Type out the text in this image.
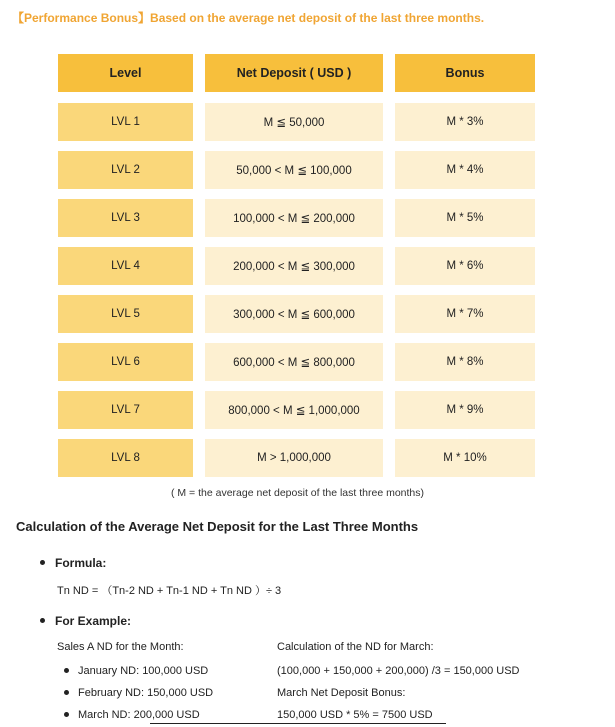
【Performance Bonus】Based on the average net deposit of the last three months.
Level	Net Deposit ( USD )	Bonus
LVL 1	M ≦ 50,000	M * 3%
LVL 2	50,000 < M ≦ 100,000	M * 4%
LVL 3	100,000 < M ≦ 200,000	M * 5%
LVL 4	200,000 < M ≦ 300,000	M * 6%
LVL 5	300,000 < M ≦ 600,000	M * 7%
LVL 6	600,000 < M ≦ 800,000	M * 8%
LVL 7	800,000 < M ≦ 1,000,000	M * 9%
LVL 8	M > 1,000,000	M * 10%
( M = the average net deposit of the last three months)
Calculation of the Average Net Deposit for the Last Three Months
Formula:
Tn ND = （Tn-2 ND + Tn-1 ND + Tn ND ）÷ 3
For Example:
Sales A ND for the Month:
January ND: 100,000 USD
February ND: 150,000 USD
March ND: 200,000 USD
Calculation of the ND for March:
(100,000 + 150,000 + 200,000) /3 = 150,000 USD
March Net Deposit Bonus:
150,000 USD * 5% = 7500 USD
